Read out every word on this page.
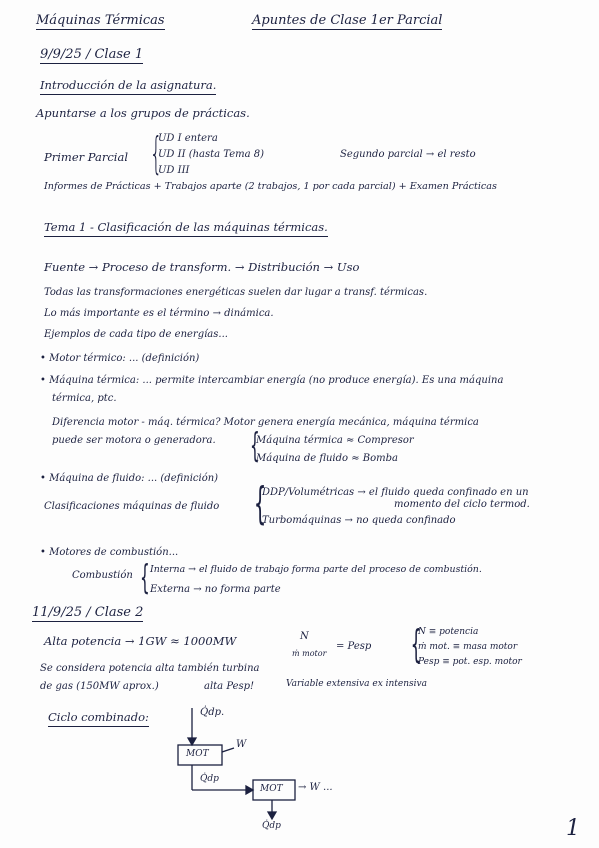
Máquinas Térmicas	Apuntes de Clase 1er Parcial
9/9/25 / Clase 1
Introducción de la asignatura.
Apuntarse a los grupos de prácticas.
Primer Parcial {
UD I entera
UD II (hasta Tema 8)
UD III
Segundo parcial → el resto
Informes de Prácticas + Trabajos aparte (2 trabajos, 1 por cada parcial) + Examen Prácticas
Tema 1 - Clasificación de las máquinas térmicas.
Fuente → Proceso de transform. → Distribución → Uso
Todas las transformaciones energéticas suelen dar lugar a transf. térmicas.
Lo más importante es el término → dinámica.
Ejemplos de cada tipo de energías...
• Motor térmico: ... (definición)
• Máquina térmica: ... permite intercambiar energía (no produce energía). Es una máquina
térmica, ptc.
Diferencia motor - máq. térmica? Motor genera energía mecánica, máquina térmica
puede ser motora o generadora. {
Máquina térmica ≈ Compresor
Máquina de fluido ≈ Bomba
• Máquina de fluido: ... (definición)
Clasificaciones máquinas de fluido {
DDP/Volumétricas → el fluido queda confinado en un
momento del ciclo termod.
Turbomáquinas → no queda confinado
• Motores de combustión...
Combustión { Interna → el fluido de trabajo forma parte del proceso de combustión.
Externa → no forma parte
11/9/25 / Clase 2
Alta potencia → 1GW ≈ 1000MW	N
ṁ motor
= Pesp
Variable extensiva ex intensiva
{
N ≡ potencia
ṁ mot. ≡ masa motor
Pesp ≡ pot. esp. motor
Se considera potencia alta también turbina
de gas (150MW aprox.)	alta Pesp!
Ciclo combinado:	Q̇dp.
MOT
W
Q̇dp
MOT → W ...
Q̇dp	1
